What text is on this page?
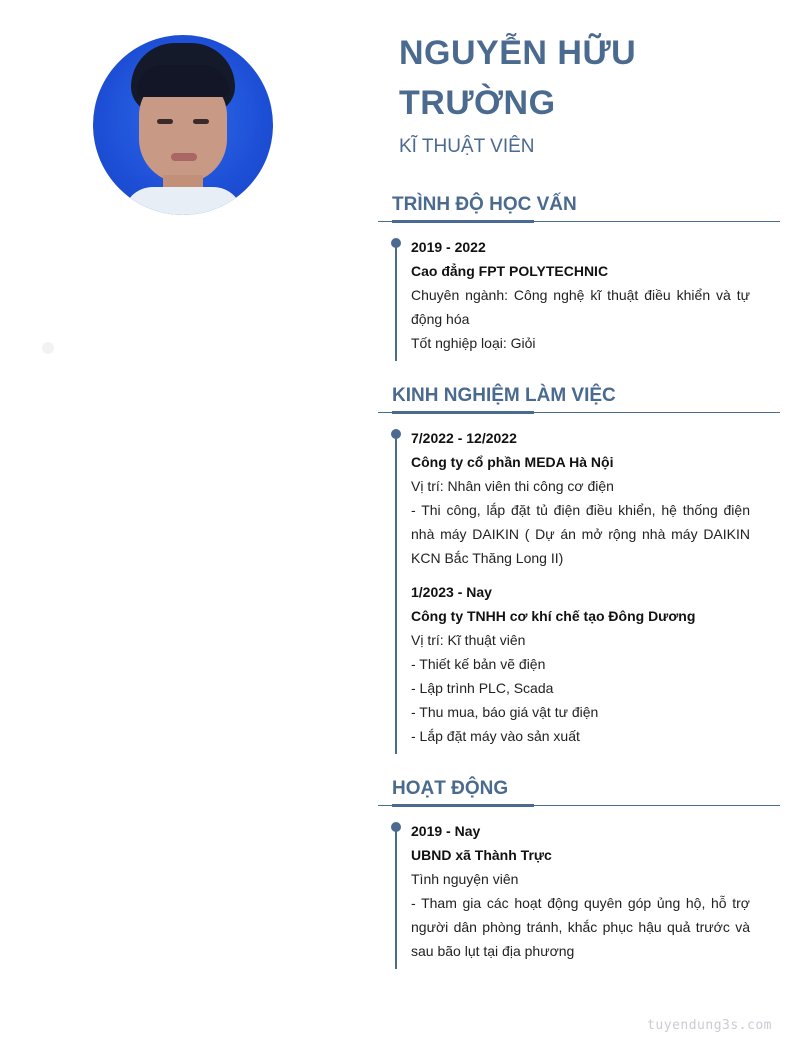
NGUYỄN HỮU TRƯỜNG

KĨ THUẬT VIÊN

TRÌNH ĐỘ HỌC VẤN
2019 - 2022
Cao đẳng FPT POLYTECHNIC
Chuyên ngành: Công nghệ kĩ thuật điều khiển và tự động hóa
Tốt nghiệp loại: Giỏi
KINH NGHIỆM LÀM VIỆC
7/2022 - 12/2022
Công ty cổ phần MEDA Hà Nội
Vị trí: Nhân viên thi công cơ điện
- Thi công, lắp đặt tủ điện điều khiển, hệ thống điện nhà máy DAIKIN ( Dự án mở rộng nhà máy DAIKIN KCN Bắc Thăng Long II)
1/2023 - Nay
Công ty TNHH cơ khí chế tạo Đông Dương
Vị trí: Kĩ thuật viên
- Thiết kế bản vẽ điện
- Lập trình PLC, Scada
- Thu mua, báo giá vật tư điện
- Lắp đặt máy vào sản xuất
HOẠT ĐỘNG
2019 - Nay
UBND xã Thành Trực
Tình nguyện viên
- Tham gia các hoạt động quyên góp ủng hộ, hỗ trợ người dân phòng tránh, khắc phục hậu quả trước và sau bão lụt tại địa phương
tuyendung3s.com
